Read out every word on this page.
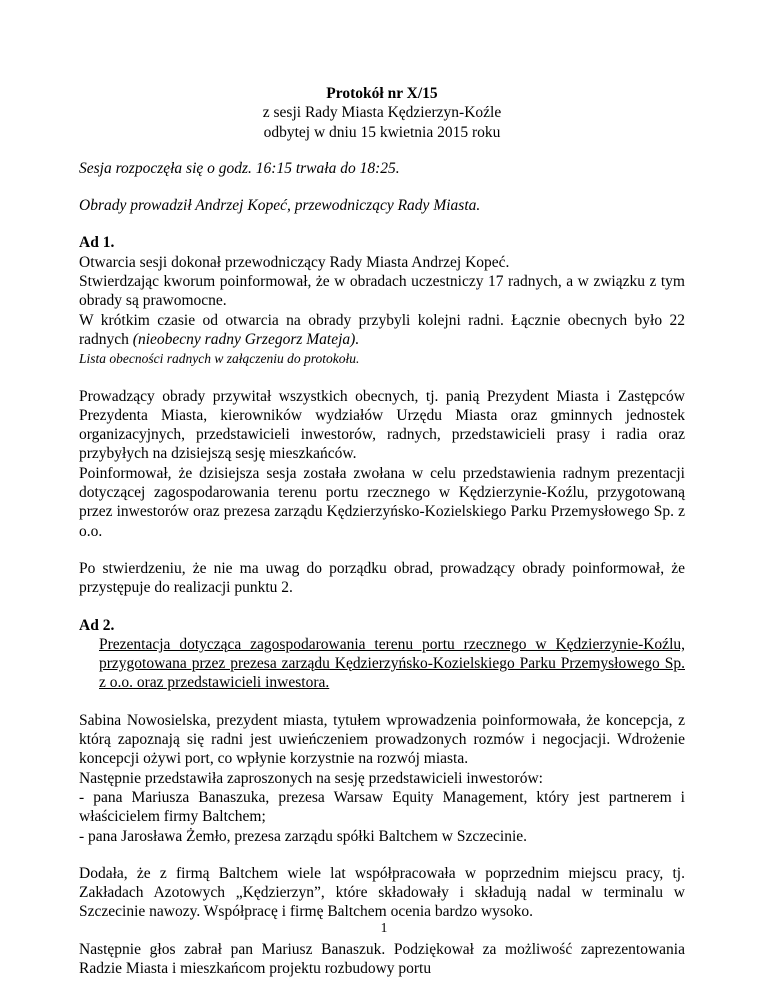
Protokół nr X/15

z sesji Rady Miasta Kędzierzyn-Koźle

odbytej w dniu 15 kwietnia 2015 roku

Sesja rozpoczęła się o godz. 16:15 trwała do 18:25.

Obrady prowadził Andrzej Kopeć, przewodniczący Rady Miasta.

Ad 1.

Otwarcia sesji dokonał przewodniczący Rady Miasta Andrzej Kopeć.

Stwierdzając kworum poinformował, że w obradach uczestniczy 17 radnych, a w związku z tym obrady są prawomocne.

W krótkim czasie od otwarcia na obrady przybyli kolejni radni. Łącznie obecnych było 22 radnych (nieobecny radny Grzegorz Mateja).

Lista obecności radnych w załączeniu do protokołu.

Prowadzący obrady przywitał wszystkich obecnych, tj. panią Prezydent Miasta i Zastępców Prezydenta Miasta, kierowników wydziałów Urzędu Miasta oraz gminnych jednostek organizacyjnych, przedstawicieli inwestorów, radnych, przedstawicieli prasy i radia oraz przybyłych na dzisiejszą sesję mieszkańców.

Poinformował, że dzisiejsza sesja została zwołana w celu przedstawienia radnym prezentacji dotyczącej zagospodarowania terenu portu rzecznego w Kędzierzynie-Koźlu, przygotowaną przez inwestorów oraz prezesa zarządu Kędzierzyńsko-Kozielskiego Parku Przemysłowego Sp. z o.o.

Po stwierdzeniu, że nie ma uwag do porządku obrad, prowadzący obrady poinformował, że przystępuje do realizacji punktu 2.

Ad 2.

Prezentacja dotycząca zagospodarowania terenu portu rzecznego w Kędzierzynie-Koźlu, przygotowana przez prezesa zarządu Kędzierzyńsko-Kozielskiego Parku Przemysłowego Sp. z o.o. oraz przedstawicieli inwestora.

Sabina Nowosielska, prezydent miasta, tytułem wprowadzenia poinformowała, że koncepcja, z którą zapoznają się radni jest uwieńczeniem prowadzonych rozmów i negocjacji. Wdrożenie koncepcji ożywi port, co wpłynie korzystnie na rozwój miasta.

Następnie przedstawiła zaproszonych na sesję przedstawicieli inwestorów:

- pana Mariusza Banaszuka, prezesa Warsaw Equity Management, który jest partnerem i właścicielem firmy Baltchem;

- pana Jarosława Żemło, prezesa zarządu spółki Baltchem w Szczecinie.

Dodała, że z firmą Baltchem wiele lat współpracowała w poprzednim miejscu pracy, tj. Zakładach Azotowych „Kędzierzyn”, które składowały i składują nadal w terminalu w Szczecinie nawozy. Współpracę i firmę Baltchem ocenia bardzo wysoko.

Następnie głos zabrał pan Mariusz Banaszuk. Podziękował za możliwość zaprezentowania Radzie Miasta i mieszkańcom projektu rozbudowy portu

1
